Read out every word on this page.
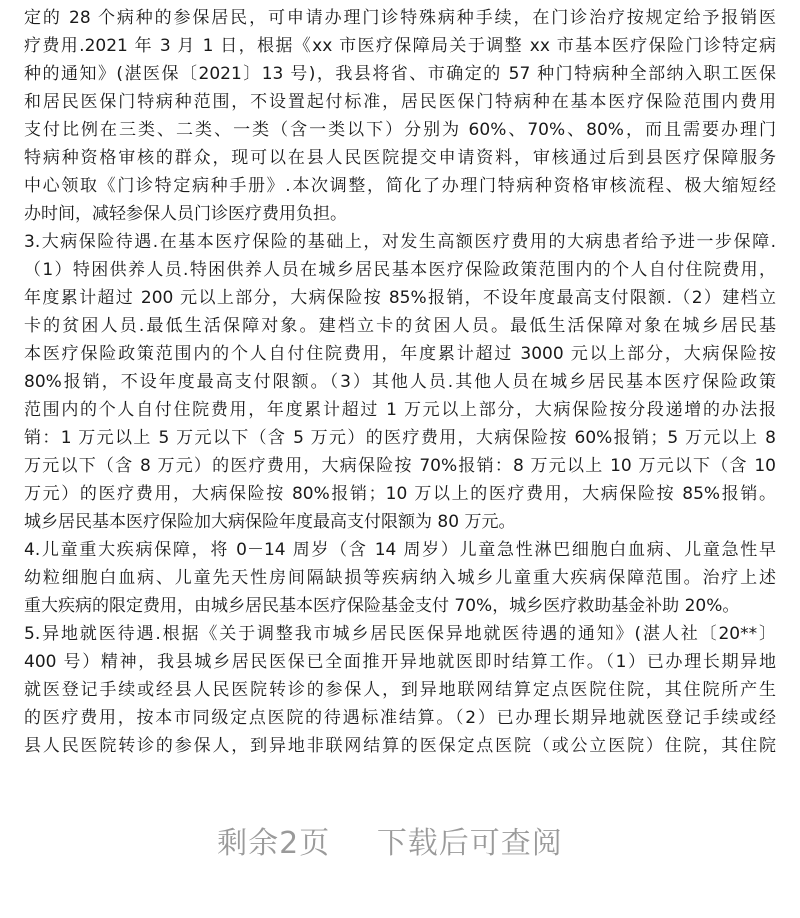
定的 28 个病种的参保居民，可申请办理门诊特殊病种手续，在门诊治疗按规定给予报销医
疗费用.2021 年 3 月 1 日，根据《xx 市医疗保障局关于调整 xx 市基本医疗保险门诊特定病
种的通知》(湛医保〔2021〕13 号)，我县将省、市确定的 57 种门特病种全部纳入职工医保
和居民医保门特病种范围，不设置起付标准，居民医保门特病种在基本医疗保险范围内费用
支付比例在三类、二类、一类（含一类以下）分别为 60%、70%、80%，而且需要办理门
特病种资格审核的群众，现可以在县人民医院提交申请资料，审核通过后到县医疗保障服务
中心领取《门诊特定病种手册》.本次调整，简化了办理门特病种资格审核流程、极大缩短经
办时间，减轻参保人员门诊医疗费用负担。
3.大病保险待遇.在基本医疗保险的基础上，对发生高额医疗费用的大病患者给予进一步保障.
（1）特困供养人员.特困供养人员在城乡居民基本医疗保险政策范围内的个人自付住院费用，
年度累计超过 200 元以上部分，大病保险按 85%报销，不设年度最高支付限额.（2）建档立
卡的贫困人员.最低生活保障对象。建档立卡的贫困人员。最低生活保障对象在城乡居民基
本医疗保险政策范围内的个人自付住院费用，年度累计超过 3000 元以上部分，大病保险按
80%报销，不设年度最高支付限额。（3）其他人员.其他人员在城乡居民基本医疗保险政策
范围内的个人自付住院费用，年度累计超过 1 万元以上部分，大病保险按分段递增的办法报
销：1 万元以上 5 万元以下（含 5 万元）的医疗费用，大病保险按 60%报销；5 万元以上 8
万元以下（含 8 万元）的医疗费用，大病保险按 70%报销：8 万元以上 10 万元以下（含 10
万元）的医疗费用，大病保险按 80%报销；10 万以上的医疗费用，大病保险按 85%报销。
城乡居民基本医疗保险加大病保险年度最高支付限额为 80 万元。
4.儿童重大疾病保障，将 0－14 周岁（含 14 周岁）儿童急性淋巴细胞白血病、儿童急性早
幼粒细胞白血病、儿童先天性房间隔缺损等疾病纳入城乡儿童重大疾病保障范围。治疗上述
重大疾病的限定费用，由城乡居民基本医疗保险基金支付 70%，城乡医疗救助基金补助 20%。
5.异地就医待遇.根据《关于调整我市城乡居民医保异地就医待遇的通知》(湛人社〔20**〕
400 号）精神，我县城乡居民医保已全面推开异地就医即时结算工作。（1）已办理长期异地
就医登记手续或经县人民医院转诊的参保人，到异地联网结算定点医院住院，其住院所产生
的医疗费用，按本市同级定点医院的待遇标准结算。（2）已办理长期异地就医登记手续或经
县人民医院转诊的参保人，到异地非联网结算的医保定点医院（或公立医院）住院，其住院
剩余2页 下载后可查阅
